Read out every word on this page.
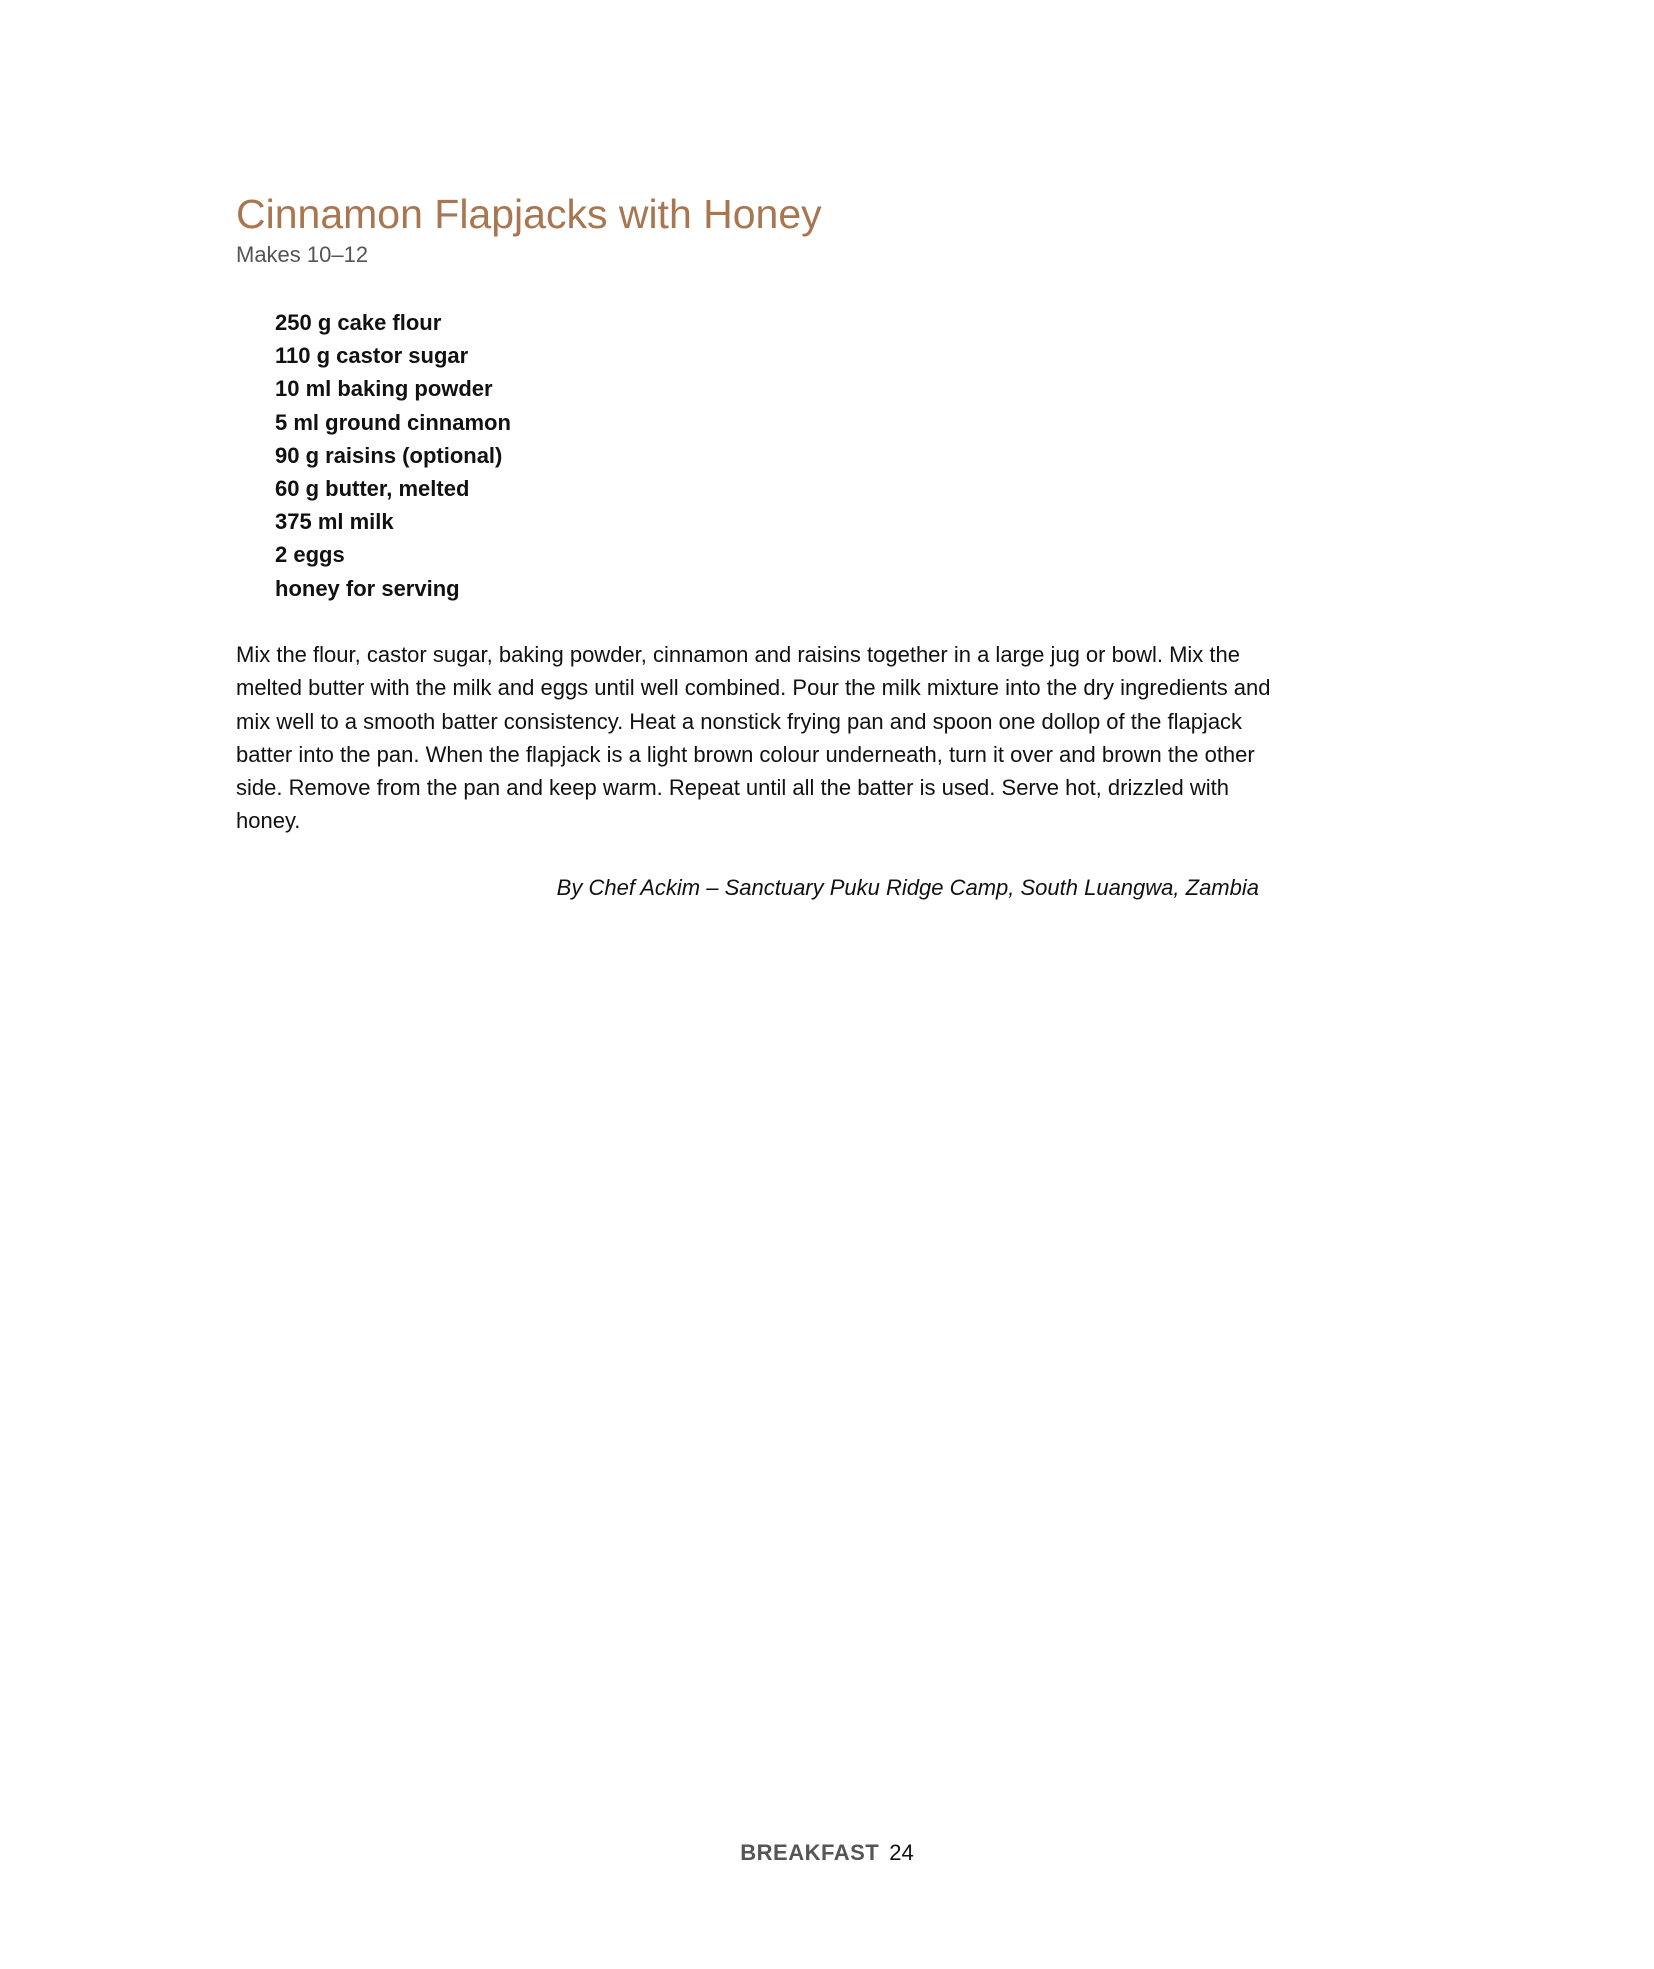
Cinnamon Flapjacks with Honey

Makes 10–12

250 g cake flour
110 g castor sugar
10 ml baking powder
5 ml ground cinnamon
90 g raisins (optional)
60 g butter, melted
375 ml milk
2 eggs
honey for serving

Mix the flour, castor sugar, baking powder, cinnamon and raisins together in a large jug or bowl. Mix the melted butter with the milk and eggs until well combined. Pour the milk mixture into the dry ingredients and mix well to a smooth batter consistency. Heat a nonstick frying pan and spoon one dollop of the flapjack batter into the pan. When the flapjack is a light brown colour underneath, turn it over and brown the other side. Remove from the pan and keep warm. Repeat until all the batter is used. Serve hot, drizzled with honey.

By Chef Ackim – Sanctuary Puku Ridge Camp, South Luangwa, Zambia

BREAKFAST 24
